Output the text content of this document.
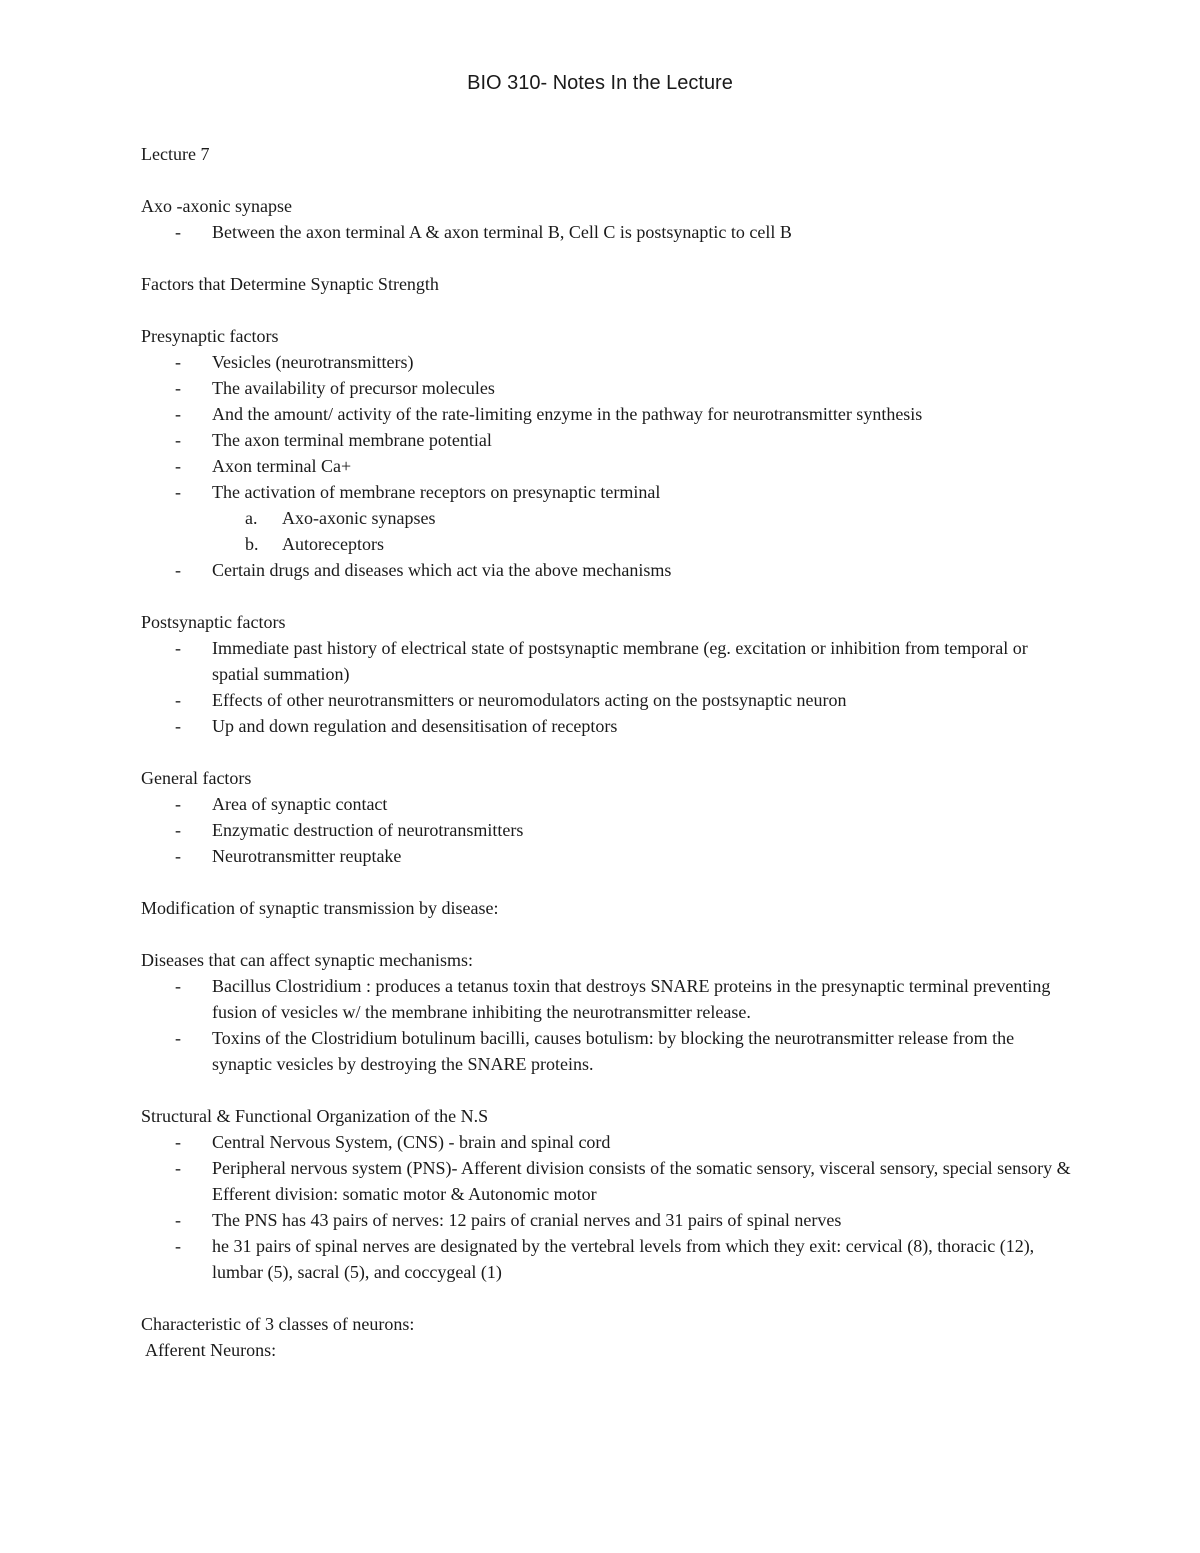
BIO 310- Notes In the Lecture
Lecture 7
Axo -axonic synapse
- Between the axon terminal A & axon terminal B, Cell C is postsynaptic to cell B
Factors that Determine Synaptic Strength
Presynaptic factors
- Vesicles (neurotransmitters)
- The availability of precursor molecules
- And the amount/ activity of the rate-limiting enzyme in the pathway for neurotransmitter synthesis
- The axon terminal membrane potential
- Axon terminal Ca+
- The activation of membrane receptors on presynaptic terminal
a. Axo-axonic synapses
b. Autoreceptors
- Certain drugs and diseases which act via the above mechanisms
Postsynaptic factors
- Immediate past history of electrical state of postsynaptic membrane (eg. excitation or inhibition from temporal or spatial summation)
- Effects of other neurotransmitters or neuromodulators acting on the postsynaptic neuron
- Up and down regulation and desensitisation of receptors
General factors
- Area of synaptic contact
- Enzymatic destruction of neurotransmitters
- Neurotransmitter reuptake
Modification of synaptic transmission by disease:
Diseases that can affect synaptic mechanisms:
- Bacillus Clostridium : produces a tetanus toxin that destroys SNARE proteins in the presynaptic terminal preventing fusion of vesicles w/ the membrane inhibiting the neurotransmitter release.
- Toxins of the Clostridium botulinum bacilli, causes botulism: by blocking the neurotransmitter release from the synaptic vesicles by destroying the SNARE proteins.
Structural & Functional Organization of the N.S
- Central Nervous System, (CNS) - brain and spinal cord
- Peripheral nervous system (PNS)- Afferent division consists of the somatic sensory, visceral sensory, special sensory & Efferent division: somatic motor & Autonomic motor
- The PNS has 43 pairs of nerves: 12 pairs of cranial nerves and 31 pairs of spinal nerves
- he 31 pairs of spinal nerves are designated by the vertebral levels from which they exit: cervical (8), thoracic (12), lumbar (5), sacral (5), and coccygeal (1)
Characteristic of 3 classes of neurons:
Afferent Neurons:
